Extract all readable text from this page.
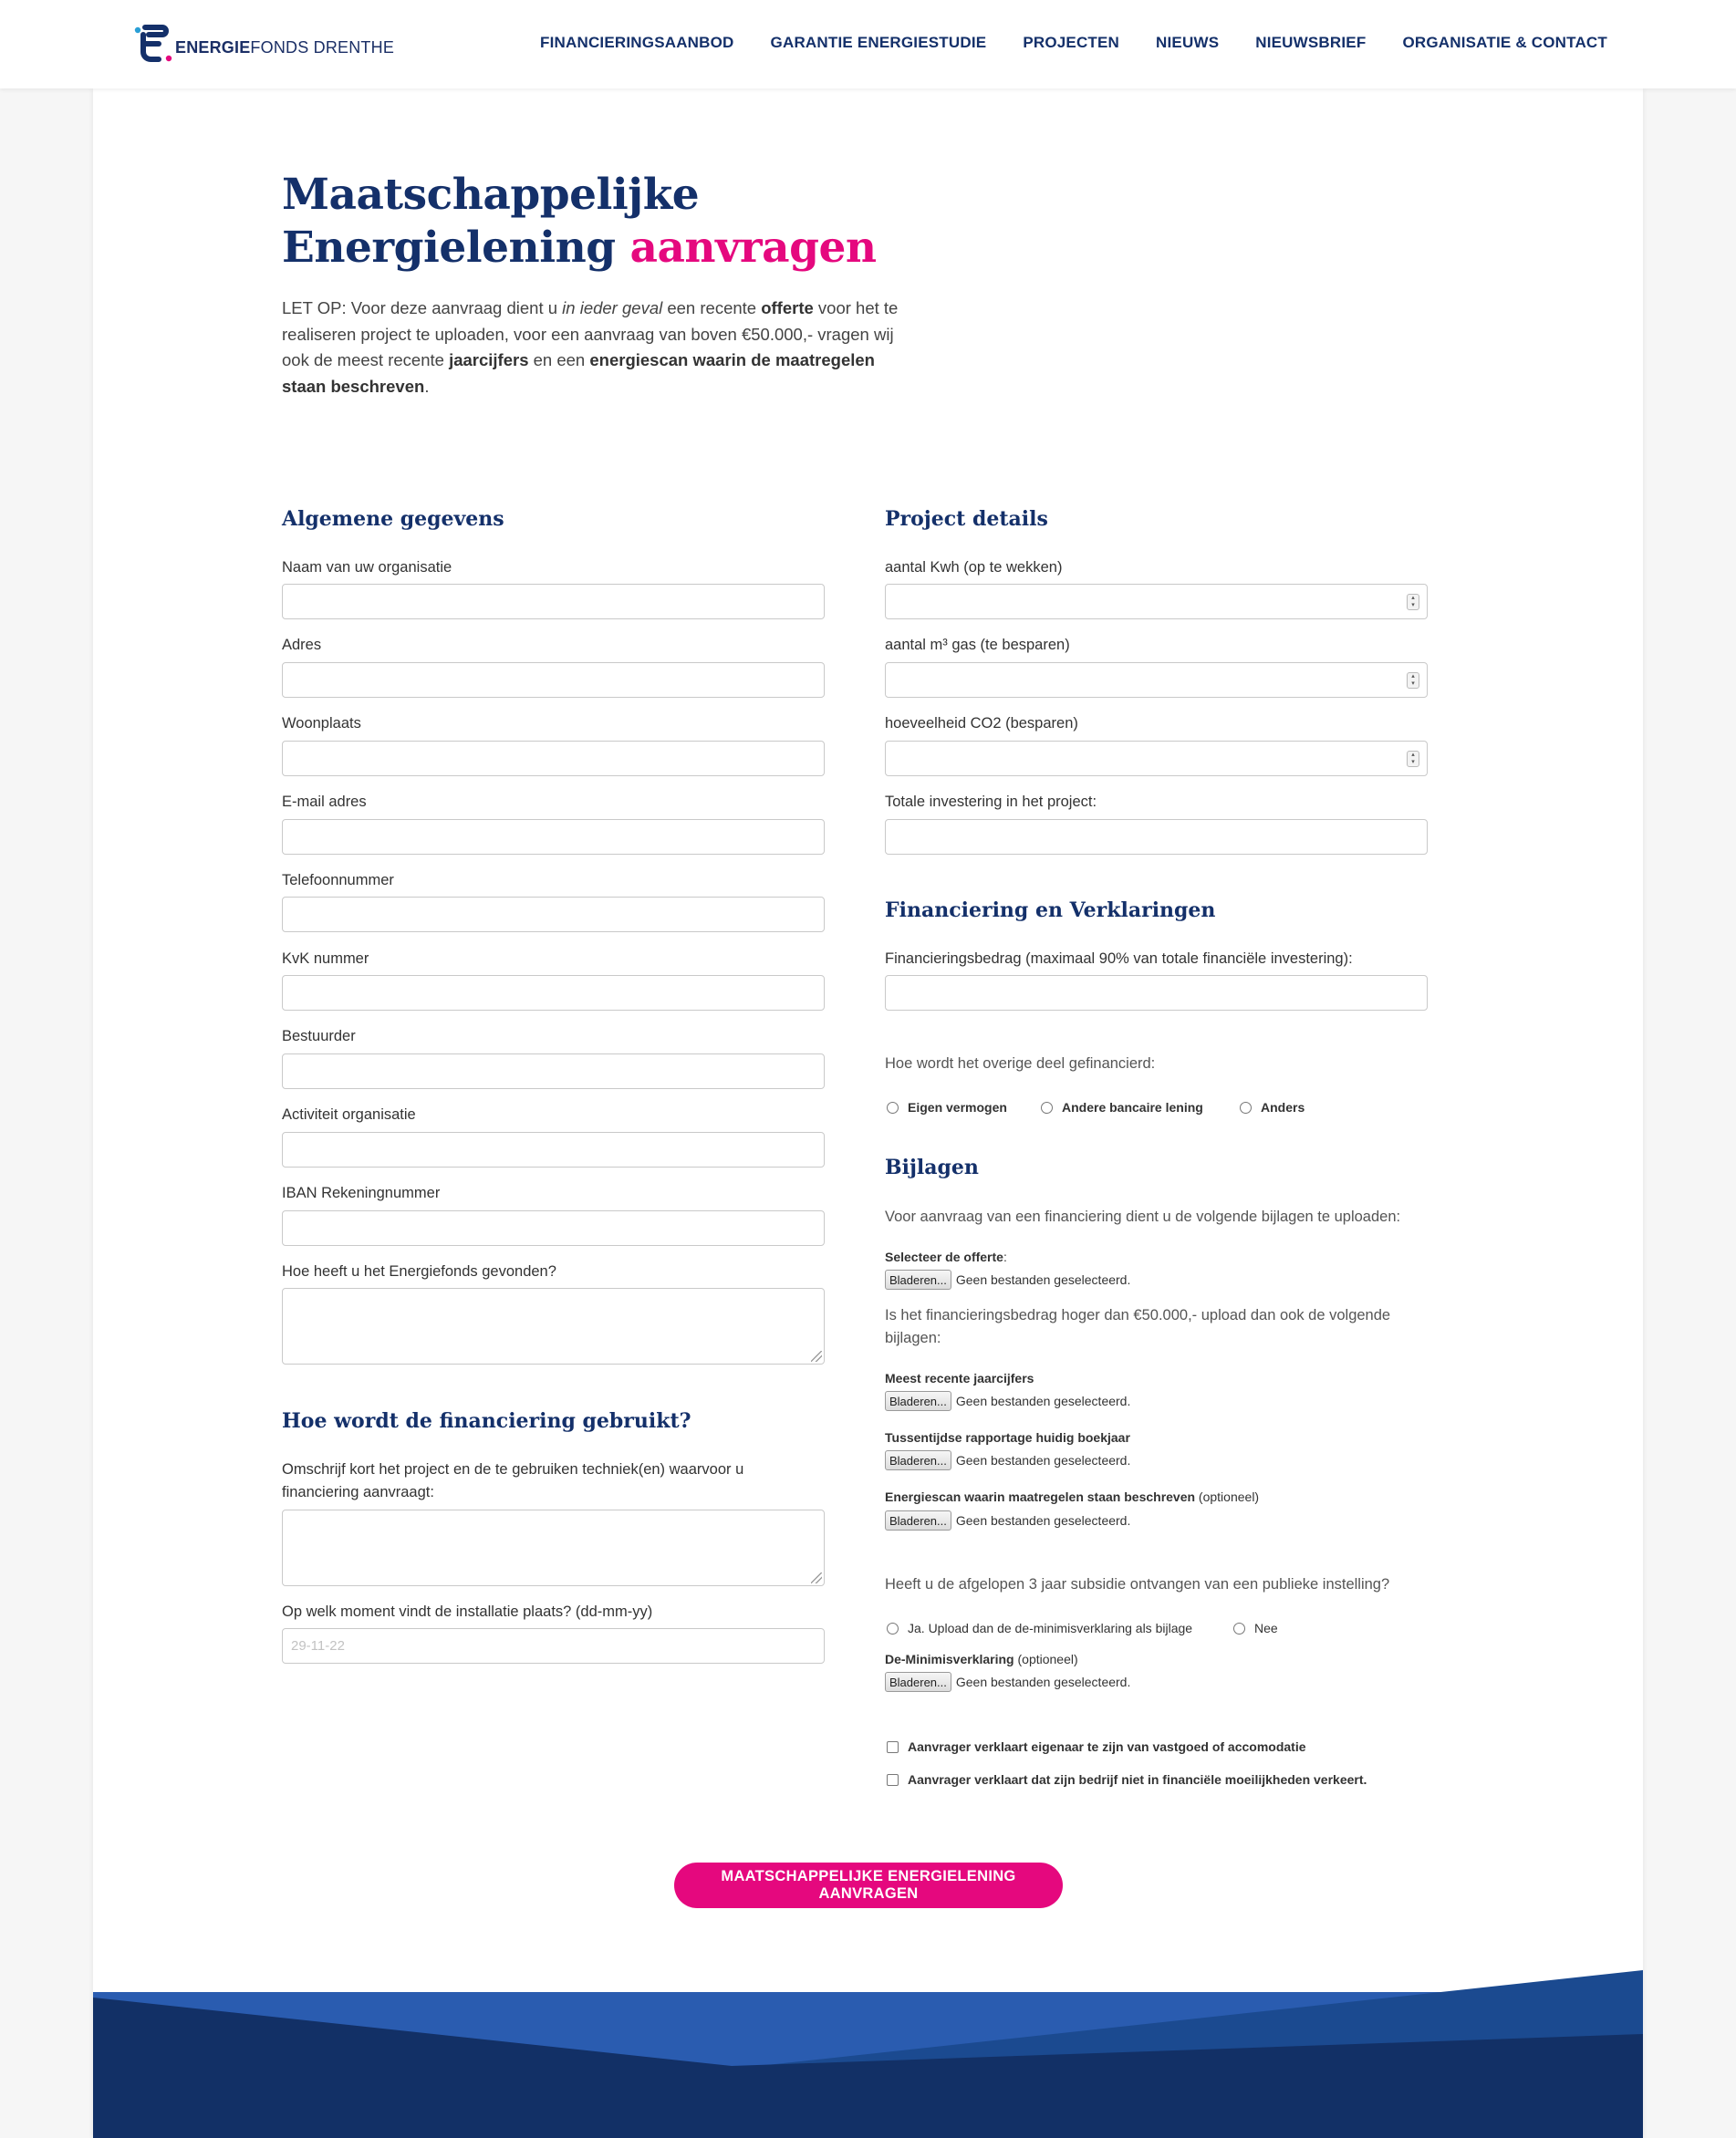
ENERGIEFONDS DRENTHE	FINANCIERINGSAANBOD GARANTIE ENERGIESTUDIE PROJECTEN NIEUWS NIEUWSBRIEF ORGANISATIE & CONTACT
Maatschappelijke
Energielening aanvragen

LET OP: Voor deze aanvraag dient u in ieder geval een recente offerte voor het te realiseren project te uploaden, voor een aanvraag van boven €50.000,- vragen wij ook de meest recente jaarcijfers en een energiescan waarin de maatregelen staan beschreven.

Algemene gegevens
Naam van uw organisatie
Adres
Woonplaats
E-mail adres
Telefoonnummer
KvK nummer
Bestuurder
Activiteit organisatie
IBAN Rekeningnummer
Hoe heeft u het Energiefonds gevonden?
Hoe wordt de financiering gebruikt?
Omschrijf kort het project en de te gebruiken techniek(en) waarvoor u financiering aanvraagt:
Op welk moment vindt de installatie plaats? (dd-mm-yy)
29-11-22
Project details
aantal Kwh (op te wekken)
▴
▾
aantal m³ gas (te besparen)
▴
▾
hoeveelheid CO2 (besparen)
▴
▾
Totale investering in het project:
Financiering en Verklaringen
Financieringsbedrag (maximaal 90% van totale financiële investering):
Hoe wordt het overige deel gefinancierd:
Eigen vermogen	Andere bancaire lening	Anders
Bijlagen
Voor aanvraag van een financiering dient u de volgende bijlagen te uploaden:
Selecteer de offerte:
Bladeren... Geen bestanden geselecteerd.
Is het financieringsbedrag hoger dan €50.000,- upload dan ook de volgende bijlagen:
Meest recente jaarcijfers
Bladeren... Geen bestanden geselecteerd.
Tussentijdse rapportage huidig boekjaar
Bladeren... Geen bestanden geselecteerd.
Energiescan waarin maatregelen staan beschreven (optioneel)
Bladeren... Geen bestanden geselecteerd.
Heeft u de afgelopen 3 jaar subsidie ontvangen van een publieke instelling?
Ja. Upload dan de de-minimisverklaring als bijlage	Nee
De-Minimisverklaring (optioneel)
Bladeren... Geen bestanden geselecteerd.
Aanvrager verklaart eigenaar te zijn van vastgoed of accomodatie
Aanvrager verklaart dat zijn bedrijf niet in financiële moeilijkheden verkeert.
MAATSCHAPPELIJKE ENERGIELENING AANVRAGEN
